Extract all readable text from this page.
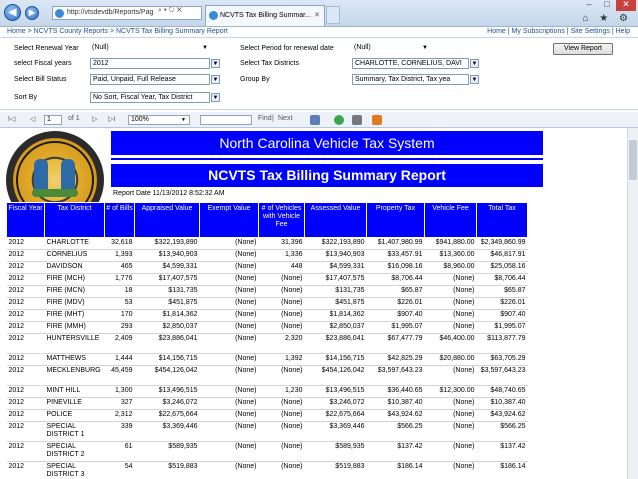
◀	▶	http://vtsdevdb/Reports/Pag ⌕ ▾ ↻ ✕
NCVTS Tax Billing Summar... ✕
–	□	✕
⌂ ★ ⚙
Home > NCVTS County Reports > NCVTS Tax Billing Summary Report	Home | My Subscriptions | Site Settings | Help
Select Renewal Year (Null)	▼
select Fiscal years	2012	▼
Select Bill Status	Paid, Unpaid, Full Release	▼
Sort By	No Sort, Fiscal Year, Tax District	▼
Select Period for renewal date	(Null)	▼
Select Tax Districts	CHARLOTTE, CORNELIUS, DAVI	▼
Group By	Summary, Tax District, Tax yea	▼
View Report
I◁ ◁	1	of 1 ▷ ▷I	100%	▼	Find | Next
North Carolina Vehicle Tax System
NCVTS Tax Billing Summary Report
Report Date 11/13/2012 8:52:32 AM
Fiscal Year	Tax District	# of Bills	Appraised Value	Exempt Value	# of Vehicles with Vehicle Fee	Assessed Value	Property Tax	Vehicle Fee	Total Tax
2012	CHARLOTTE	32,618	$322,193,890	(None)	31,396	$322,193,890	$1,407,980.99	$941,880.00	$2,349,860.99
2012	CORNELIUS	1,393	$13,940,903	(None)	1,336	$13,940,903	$33,457.91	$13,360.00	$46,817.91
2012	DAVIDSON	465	$4,599,331	(None)	448	$4,599,331	$16,098.16	$8,960.00	$25,058.16
2012	FIRE (MCH)	1,776	$17,407,575	(None)	(None)	$17,407,575	$8,706.44	(None)	$8,706.44
2012	FIRE (MCN)	18	$131,735	(None)	(None)	$131,735	$65.87	(None)	$65.87
2012	FIRE (MDV)	53	$451,875	(None)	(None)	$451,875	$226.01	(None)	$226.01
2012	FIRE (MHT)	170	$1,814,362	(None)	(None)	$1,814,362	$907.40	(None)	$907.40
2012	FIRE (MMH)	293	$2,850,037	(None)	(None)	$2,850,037	$1,995.07	(None)	$1,995.07
2012	HUNTERSVILLE	2,409	$23,886,041	(None)	2,320	$23,886,041	$67,477.79	$46,400.00	$113,877.79
2012	MATTHEWS	1,444	$14,156,715	(None)	1,392	$14,156,715	$42,825.29	$20,880.00	$63,705.29
2012	MECKLENBURG	45,459	$454,126,042	(None)	(None)	$454,126,042	$3,597,643.23	(None)	$3,597,643.23
2012	MINT HILL	1,300	$13,496,515	(None)	1,230	$13,496,515	$36,440.65	$12,300.00	$48,740.65
2012	PINEVILLE	327	$3,246,072	(None)	(None)	$3,246,072	$10,387.40	(None)	$10,387.40
2012	POLICE	2,312	$22,675,664	(None)	(None)	$22,675,664	$43,924.62	(None)	$43,924.62
2012	SPECIAL DISTRICT 1	339	$3,369,446	(None)	(None)	$3,369,446	$566.25	(None)	$566.25
2012	SPECIAL DISTRICT 2	61	$589,935	(None)	(None)	$589,935	$137.42	(None)	$137.42
2012	SPECIAL DISTRICT 3	54	$519,883	(None)	(None)	$519,883	$186.14	(None)	$186.14
